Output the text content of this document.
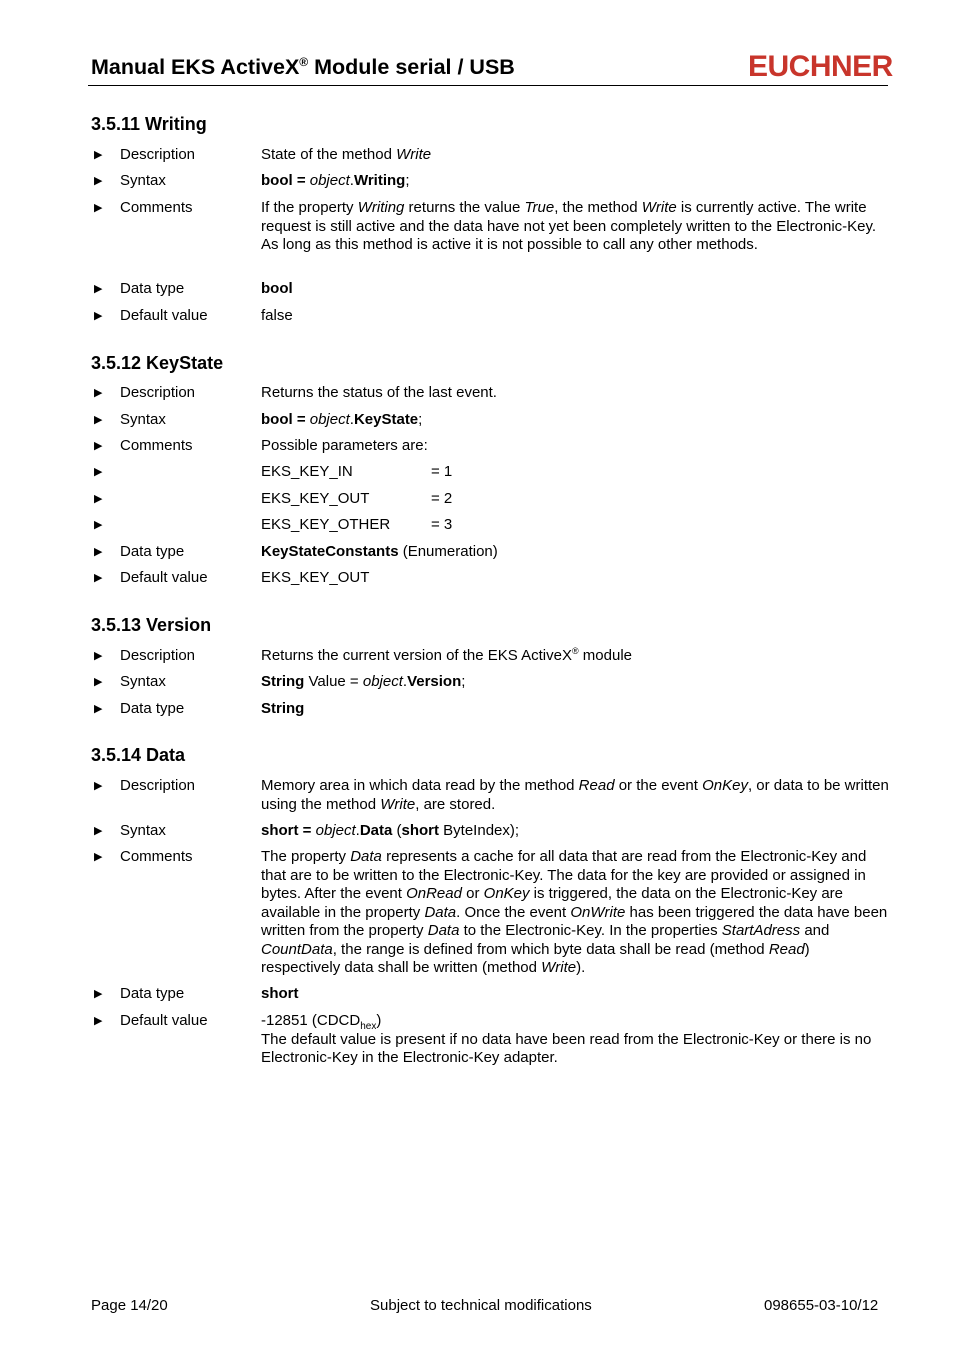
Manual EKS ActiveX® Module serial / USB	EUCHNER
3.5.11 Writing
▶ Description	State of the method Write
▶ Syntax	bool = object.Writing;
▶ Comments	If the property Writing returns the value True, the method Write is currently active. The write request is still active and the data have not yet been completely written to the Electronic-Key. As long as this method is active it is not possible to call any other methods.
▶ Data type	bool
▶ Default value	false
3.5.12 KeyState
▶ Description	Returns the status of the last event.
▶ Syntax	bool = object.KeyState;
▶ Comments	Possible parameters are:
▶	EKS_KEY_IN	= 1
▶	EKS_KEY_OUT	= 2
▶	EKS_KEY_OTHER	= 3
▶ Data type	KeyStateConstants (Enumeration)
▶ Default value	EKS_KEY_OUT
3.5.13 Version
▶ Description	Returns the current version of the EKS ActiveX® module
▶ Syntax	String Value = object.Version;
▶ Data type	String
3.5.14 Data
▶ Description	Memory area in which data read by the method Read or the event OnKey, or data to be written using the method Write, are stored.
▶ Syntax	short = object.Data (short ByteIndex);
▶ Comments	The property Data represents a cache for all data that are read from the Electronic-Key and that are to be written to the Electronic-Key. The data for the key are provided or assigned in bytes. After the event OnRead or OnKey is triggered, the data on the Electronic-Key are available in the property Data. Once the event OnWrite has been triggered the data have been written from the property Data to the Electronic-Key. In the properties StartAdress and CountData, the range is defined from which byte data shall be read (method Read) respectively data shall be written (method Write).
▶ Data type	short
▶ Default value	-12851 $(CDCD_{hex})$
The default value is present if no data have been read from the Electronic-Key or there is no Electronic-Key in the Electronic-Key adapter.
Page 14/20	Subject to technical modifications	098655-03-10/12
